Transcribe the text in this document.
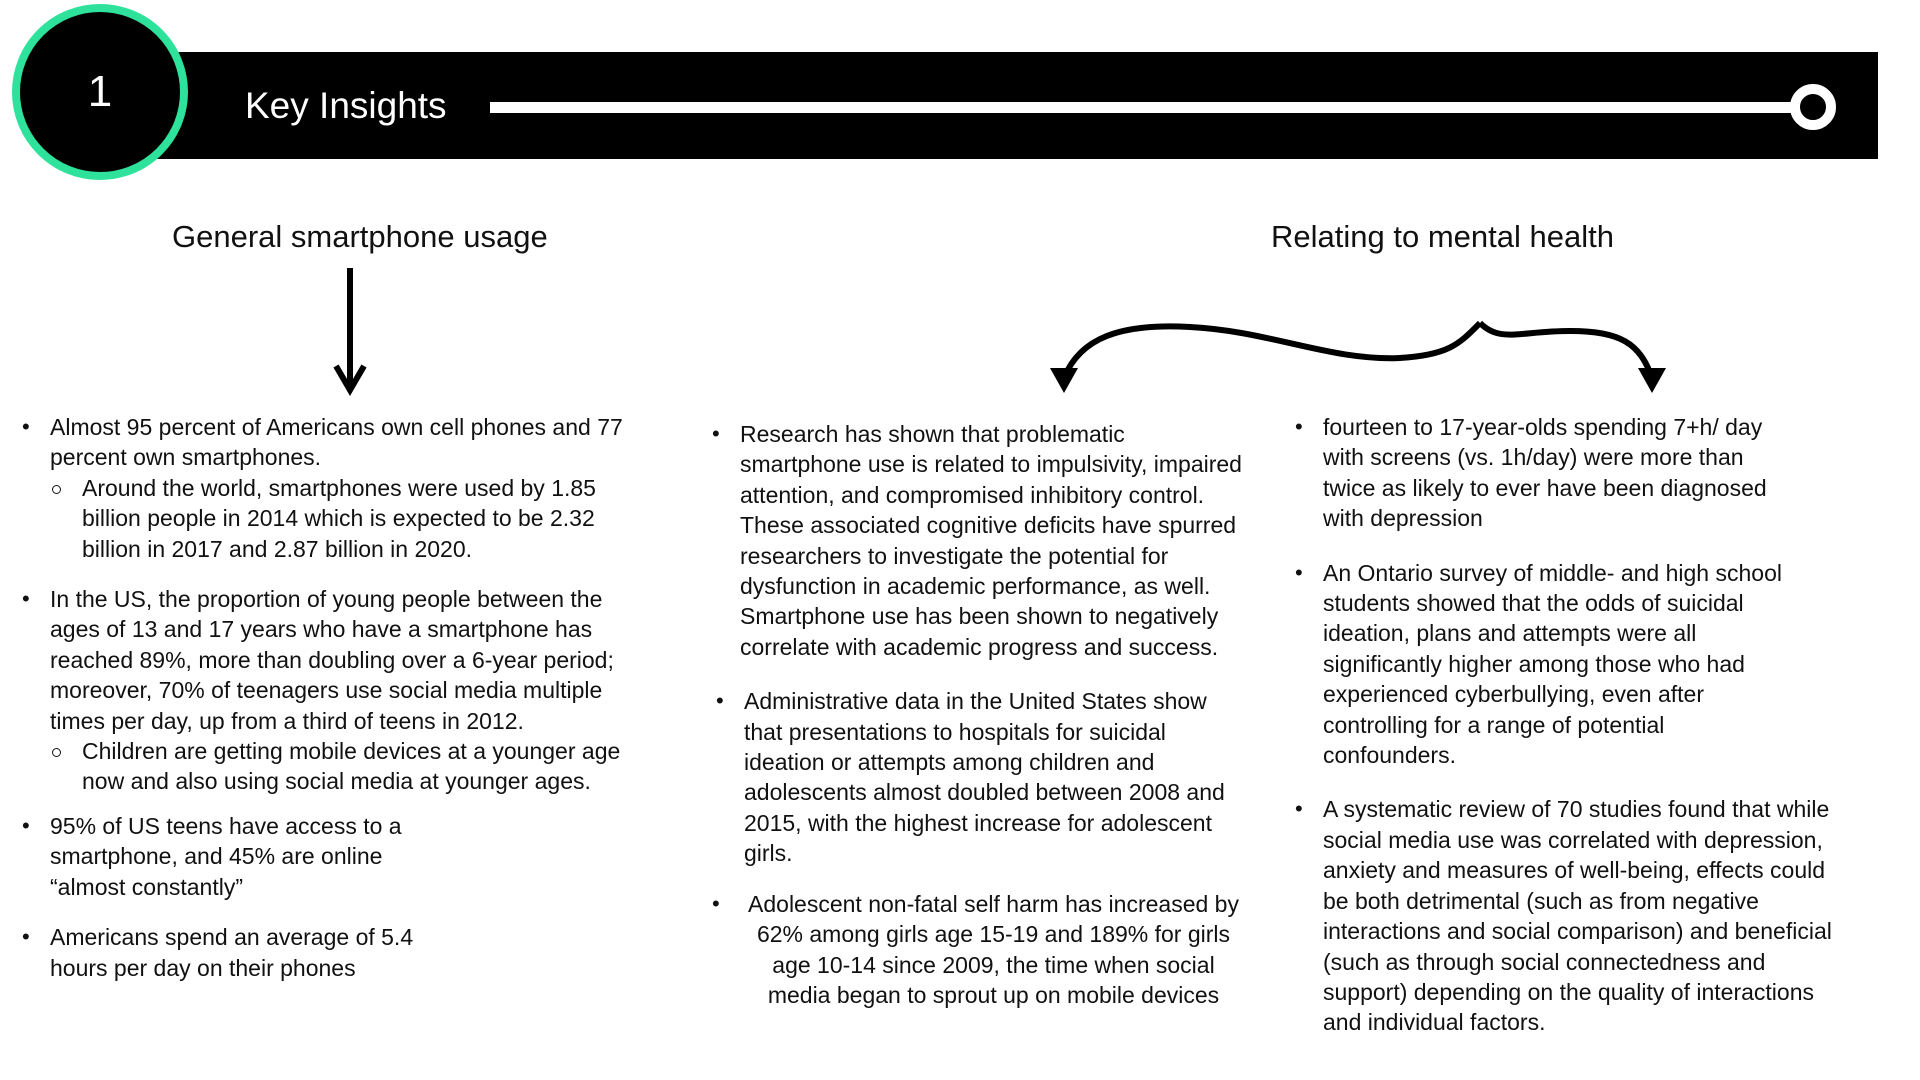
1	Key Insights
General smartphone usage	Relating to mental health
• Almost 95 percent of Americans own cell phones and 77 percent own smartphones.
Around the world, smartphones were used by 1.85 billion people in 2014 which is expected to be 2.32 billion in 2017 and 2.87 billion in 2020.
• In the US, the proportion of young people between the ages of 13 and 17 years who have a smartphone has reached 89%, more than doubling over a 6-year period; moreover, 70% of teenagers use social media multiple times per day, up from a third of teens in 2012.
Children are getting mobile devices at a younger age now and also using social media at younger ages.
• 95% of US teens have access to a smartphone, and 45% are online “almost constantly”
• Americans spend an average of 5.4 hours per day on their phones
• Research has shown that problematic smartphone use is related to impulsivity, impaired attention, and compromised inhibitory control. These associated cognitive deficits have spurred researchers to investigate the potential for dysfunction in academic performance, as well. Smartphone use has been shown to negatively correlate with academic progress and success.
• Administrative data in the United States show that presentations to hospitals for suicidal ideation or attempts among children and adolescents almost doubled between 2008 and 2015, with the highest increase for adolescent girls.
• Adolescent non-fatal self harm has increased by 62% among girls age 15-19 and 189% for girls age 10-14 since 2009, the time when social media began to sprout up on mobile devices
• fourteen to 17-year-olds spending 7+h/ day with screens (vs. 1h/day) were more than twice as likely to ever have been diagnosed with depression
• An Ontario survey of middle- and high school students showed that the odds of suicidal ideation, plans and attempts were all significantly higher among those who had experienced cyberbullying, even after controlling for a range of potential confounders.
• A systematic review of 70 studies found that while social media use was correlated with depression, anxiety and measures of well-being, effects could be both detrimental (such as from negative interactions and social comparison) and beneficial (such as through social connectedness and support) depending on the quality of interactions and individual factors.
